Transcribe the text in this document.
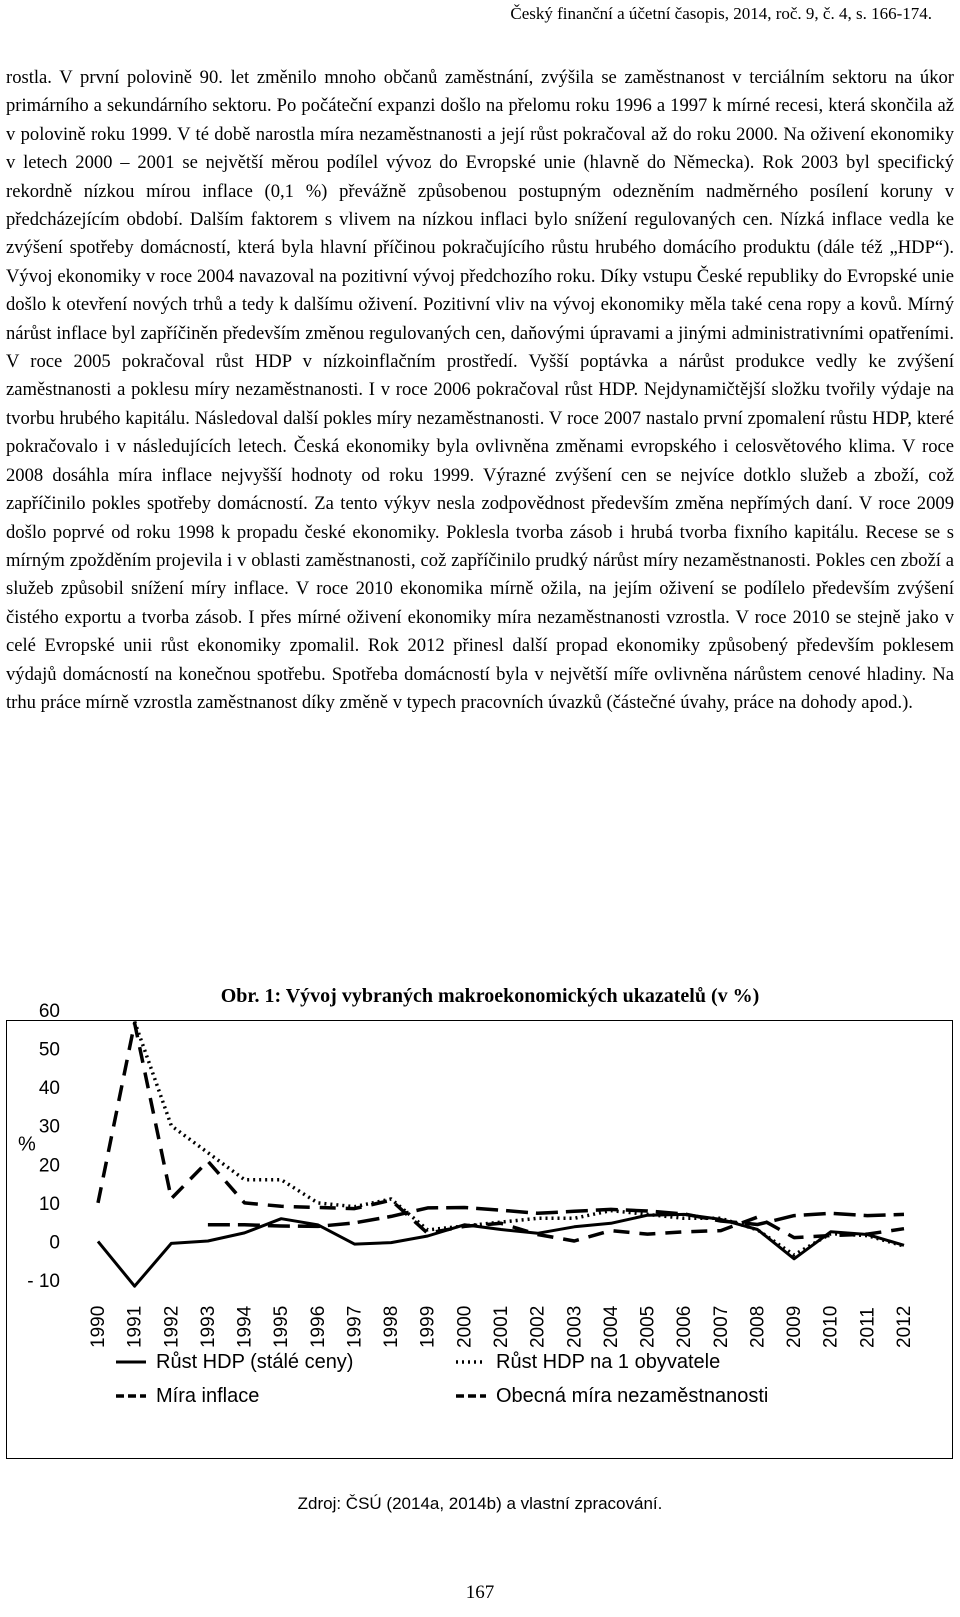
Český finanční a účetní časopis, 2014, roč. 9, č. 4, s. 166-174.

rostla. V první polovině 90. let změnilo mnoho občanů zaměstnání, zvýšila se zaměstnanost v terciálním sektoru na úkor primárního a sekundárního sektoru. Po počáteční expanzi došlo na přelomu roku 1996 a 1997 k mírné recesi, která skončila až v polovině roku 1999. V té době narostla míra nezaměstnanosti a její růst pokračoval až do roku 2000. Na oživení ekonomiky v letech 2000 – 2001 se největší měrou podílel vývoz do Evropské unie (hlavně do Německa). Rok 2003 byl specifický rekordně nízkou mírou inflace (0,1 %) převážně způsobenou postupným odezněním nadměrného posílení koruny v předcházejícím období. Dalším faktorem s vlivem na nízkou inflaci bylo snížení regulovaných cen. Nízká inflace vedla ke zvýšení spotřeby domácností, která byla hlavní příčinou pokračujícího růstu hrubého domácího produktu (dále též „HDP“). Vývoj ekonomiky v roce 2004 navazoval na pozitivní vývoj předchozího roku. Díky vstupu České republiky do Evropské unie došlo k otevření nových trhů a tedy k dalšímu oživení. Pozitivní vliv na vývoj ekonomiky měla také cena ropy a kovů. Mírný nárůst inflace byl zapříčiněn především změnou regulovaných cen, daňovými úpravami a jinými administrativními opatřeními. V roce 2005 pokračoval růst HDP v nízkoinflačním prostředí. Vyšší poptávka a nárůst produkce vedly ke zvýšení zaměstnanosti a poklesu míry nezaměstnanosti. I v roce 2006 pokračoval růst HDP. Nejdynamičtější složku tvořily výdaje na tvorbu hrubého kapitálu. Následoval další pokles míry nezaměstnanosti. V roce 2007 nastalo první zpomalení růstu HDP, které pokračovalo i v následujících letech. Česká ekonomiky byla ovlivněna změnami evropského i celosvětového klima. V roce 2008 dosáhla míra inflace nejvyšší hodnoty od roku 1999. Výrazné zvýšení cen se nejvíce dotklo služeb a zboží, což zapříčinilo pokles spotřeby domácností. Za tento výkyv nesla zodpovědnost především změna nepřímých daní. V roce 2009 došlo poprvé od roku 1998 k propadu české ekonomiky. Poklesla tvorba zásob i hrubá tvorba fixního kapitálu. Recese se s mírným zpožděním projevila i v oblasti zaměstnanosti, což zapříčinilo prudký nárůst míry nezaměstnanosti. Pokles cen zboží a služeb způsobil snížení míry inflace. V roce 2010 ekonomika mírně ožila, na jejím oživení se podílelo především zvýšení čistého exportu a tvorba zásob. I přes mírné oživení ekonomiky míra nezaměstnanosti vzrostla. V roce 2010 se stejně jako v celé Evropské unii růst ekonomiky zpomalil. Rok 2012 přinesl další propad ekonomiky způsobený především poklesem výdajů domácností na konečnou spotřebu. Spotřeba domácností byla v největší míře ovlivněna nárůstem cenové hladiny. Na trhu práce mírně vzrostla zaměstnanost díky změně v typech pracovních úvazků (částečné úvahy, práce na dohody apod.).

Obr. 1: Vývoj vybraných makroekonomických ukazatelů (v %)
%
60
50
40
30
20
10
0
- 10
1990 1991 1992 1993 1994 1995 1996 1997 1998 1999 2000 2001 2002 2003 2004 2005 2006 2007 2008 2009 2010 2011 2012
Růst HDP (stálé ceny)	Růst HDP na 1 obyvatele
Míra inflace	Obecná míra nezaměstnanosti
Zdroj: ČSÚ (2014a, 2014b) a vlastní zpracování.
167
